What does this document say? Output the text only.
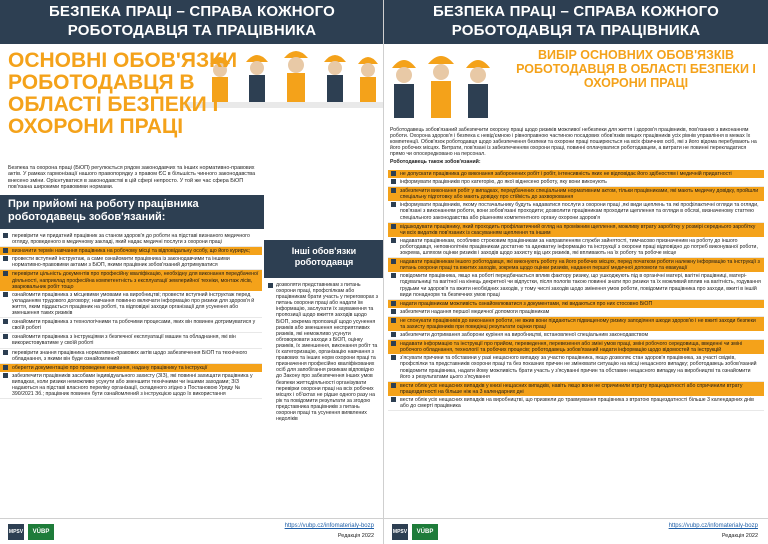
БЕЗПЕКА ПРАЦІ – СПРАВА КОЖНОГО
РОБОТОДАВЦЯ ТА ПРАЦІВНИКА
ОСНОВНІ ОБОВ'ЯЗКИ РОБОТОДАВЦЯ В ОБЛАСТІ БЕЗПЕКИ І ОХОРОНИ ПРАЦІ
Безпека та охорона праці (БіОП) регулюється рядом законодавчих та інших нормативно-правових актів. У рамках гармонізації нашого правопорядку з правом ЄС в більшість чинного законодавства внесено зміни. Орієнтуватися в законодавстві в цій сфері непросто. У той же час сфера БіОП пов'язана широкими правовими нормами.
При прийомі на роботу працівника роботодавець зобов'язаний:
перевірити чи придатний працівник за станом здоров'я до роботи на підставі визнаного медичного огляду, проведеного в медичному закладі, який надає медичні послуги з охорони праці
визначити термін навчання працівника на робочому місці та відповідальну особу, що його курирує;
провести вступний інструктаж, а саме ознайомити працівника із законодавчими та іншими нормативно-правовими актами з БіОП, якими працівник зобов'язаний дотримуватися
перевірити цільність документів про професійну кваліфікацію, необхідну для виконання передбаченої діяльності, наприклад професійна компетентність з експлуатації землерийної техніки, монтаж лісів, зварювальник робіт тощо
ознайомити працівника з місцевими умовами на виробництві; провести вступний інструктаж перед укладанням трудового договору; навчання повинно включати інформацію про ризики для здоров'я й життя, яким піддається працівник на роботі, та відповідні заходи організації для усунення або зменшення таких ризиків
ознайомити працівника з технологічними та робочими процесами, яких він повинен дотримуватися у своїй роботі
ознайомити працівника з інструкціями з безпечної експлуатації машин та обладнання, які він використовуватиме у своїй роботі
перевірити знання працівника нормативно-правових актів щодо забезпечення БіОП та технічного обладнання, з якими він буде ознайомлений
оберегти документацію про проведене навчання, надану працівнику та інструкції
забезпечити працівників засобами індивідуального захисту (ЗІЗ), які повинні захищати працівника у випадках, коли ризики неможливо усунути або зменшити технічними чи іншими заходами; ЗІЗ надаються на підставі власного переліку організації, складеного згідно з Постановою Уряду № 390/2021 Зб.; працівник повинен бути ознайомлений з інструкцією щодо їх використання
Інші обов'язки роботодавця
дозволяти представникам з питань охорони праці, профспілкам або працівникам брати участь у переговорах з питань охорони праці або надати їм інформацію, заслухати їх зауваження та пропозиції щодо вжиття заходів щодо БіОП, зокрема пропозиції щодо усунення ризиків або зменшення несприятливих ризиків, які неможливо усунути обговорювати заходи з БіОП, оцінку ризиків, їх зменшення, виконання робіт та їх категоризацію, організацію навчання з правових та інших норм охорони праці та призначення професійно кваліфікованих осіб для запобігання ризикам відповідно до Закону про забезпечення інших умов безпеки життєдіяльності організувати перевірки охорони праці на всіх робочих місцях і об'єктах не рідше одного разу на рік та повідомити результати за згодою представника працівників з питань охорони праці та усунення виявлених недоліків
MPSV	VÚBP
https://vubp.cz/infomaterialy-bozp
Редакція 2022
БЕЗПЕКА ПРАЦІ – СПРАВА КОЖНОГО
РОБОТОДАВЦЯ ТА ПРАЦІВНИКА
ВИБІР ОСНОВНИХ ОБОВ'ЯЗКІВ РОБОТОДАВЦЯ В ОБЛАСТІ БЕЗПЕКИ І ОХОРОНИ ПРАЦІ
Роботодавець зобов'язаний забезпечити охорону праці щодо ризиків можливої небезпеки для життя і здоров'я працівників, пов'язаних з виконанням роботи. Охорона здоров'я і безпека є невід'ємною і рівноправною частиною посадових обов'язків вищих працівників усіх рівнів управління в межах їх компетенції. Обов'язок роботодавця щодо забезпечення безпеки та охорони праці поширюється на всіх фізичних осіб, які з його відома перебувають на його робочих місцях. Витрати, пов'язані із забезпеченням охорони праці, повинні оплачуватися роботодавцем, а витрати не повинні перекладатися прямо чи опосередковано на персонал.
Роботодавець також зобов'язаний:
не допускати працівника до виконання заборонених робіт і робіт, інтенсивність яких не відповідає його здібностям і медичній придатності
інформувати працівників про категорію, до якої віднесено роботу, яку вони виконують
забезпечити виконання робіт у випадках, передбачених спеціальним нормативним актом, тільки працівниками, які мають медичну довідку, пройшли спеціальну підготовку або мають довідку про стійкість до захворювання
інформувати працівників, якому постачальнику будуть надаватися послуги з охорони праці ,які види щеплень та які профілактичні огляди та огляди, пов'язані з виконанням роботи, вони зобов'язані проходити; дозволити працівникам проходити щеплення та огляди в обсязі, визначеному статтею спеціального законодавства або рішенням компетентного органу охорони здоров'я
відшкодувати працівнику, який проходить профілактичний огляд на проміжним щеплення, можливу втрату заробітку у розмірі середнього заробітку чи всіх видатків пов'язаних із скасуванням щеплення та іншим
надавати працівникам, особливо строковим працівникам за направленням служби зайнятості, тимчасово призначеним на роботу до іншого роботодавця, неповнолітнім працівникам достатню та адекватну інформацію та інструкції з охорони праці відповідно до потреб виконуваної роботи, зокрема, шляхом оцінки ризиків і заходів щодо захисту від цих ризиків, які впливають на їх роботу та робоче місце
надавати працівникам іншого роботодавця, які виконують роботу на його робочих місцях, перед початком роботи належну інформацію та інструкції з питань охорони праці та вжитих заходів, зокрема щодо оцінки ризиків, надання першої медичної допомоги та евакуації
повідомити працівника, якщо на роботі передбачається вплив фактору ризику, що ушкоджують під в органічні матері, вагітні працівниці, матері-годувальниці та вагітної на кінець декретної чи відпустки, після пологів такою повинні знати про ризики та їх можливий вплив на вагітність, годування грудьми чи здоров'я та вжити необхідних заходів, у тому числі заходів щодо змінення умов роботи, повідомити працівника про заходи, вжиті в іншій види понаднорм та безпечних умов праці
надати працівникам можливість ознайомлюватися з документами, які видаються про них стосовно БіОП
забезпечити надання першої медичної допомоги працівникам
не спонукати працівників до виконання роботи, не вжив вони піддаються підвищеному ризику заподіяння шкоди здоров'ю і не вжиті заходи безпеки та захисту працівників при поведінці результати оцінки праці
забезпечити дотримання заборони куріння на виробництві, встановленої спеціальним законодавством
надавати інформацію та інструкції про прийом, переведення, перевезення або зміні умов праці, зміні робочого середовища, введенні чи зміні робочого обладнання, технології та робочих процесів; роботодавець зобов'язаний надати інформацію щодо відомостей та інструкцій
з'ясувати причини та обставини у разі нещасного випадку за участю працівника, якщо дозволяє стан здоров'я працівника, за участі свідків, профспілки та представників охорони праці та без показних причин не змінювати ситуацію на місці нещасного випадку; роботодавець зобов'язаний повідомити працівника, надати йому можливість брати участь у з'ясуванні причин та обставин нещасного випадку на виробництві та ознайомити його з результатами цього з'ясування
вести облік усіх нещасних випадків у книзі нещасних випадків, навіть якщо вони не спричинили втрату працездатності або спричинили втрату працездатності на більше ніж на 3 календарних дні
вести облік усіх нещасних випадків на виробництві, що призвели до травмування працівника з втратою працездатності більше 3 календарних днів або до смерті працівника
MPSV	VÚBP
https://vubp.cz/infomaterialy-bozp
Редакція 2022
